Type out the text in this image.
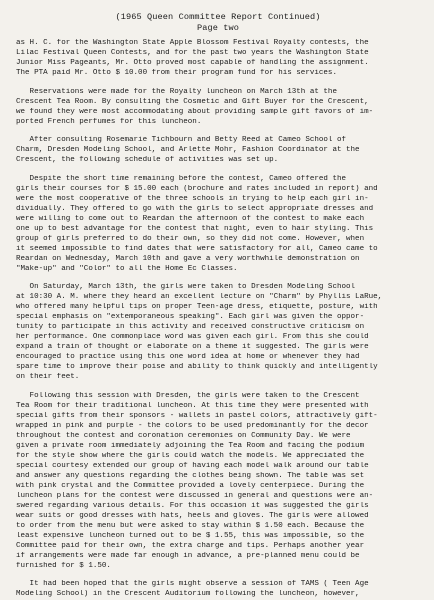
(1965 Queen Committee Report Continued)
Page two
as H. C. for the Washington State Apple Blossom Festival Royalty contests, the
Lilac Festival Queen Contests, and for the past two years the Washington State
Junior Miss Pageants, Mr. Otto proved most capable of handling the assignment.
The PTA paid Mr. Otto $ 10.00 from their program fund for his services.
Reservations were made for the Royalty luncheon on March 13th at the
Crescent Tea Room. By consulting the Cosmetic and Gift Buyer for the Crescent,
we found they were most accommodating about providing sample gift favors of im-
ported French perfumes for this luncheon.
After consulting Rosemarie Tichbourn and Betty Reed at Cameo School of
Charm, Dresden Modeling School, and Arlette Mohr, Fashion Coordinator at the
Crescent, the following schedule of activities was set up.
Despite the short time remaining before the contest, Cameo offered the
girls their courses for $ 15.00 each (brochure and rates included in report) and
were the most cooperative of the three schools in trying to help each girl in-
dividually. They offered to go with the girls to select appropriate dresses and
were willing to come out to Reardan the afternoon of the contest to make each
one up to best advantage for the contest that night, even to hair styling. This
group of girls preferred to do their own, so they did not come. However, when
it seemed impossible to find dates that were satisfactory for all, Cameo came to
Reardan on Wednesday, March 10th and gave a very worthwhile demonstration on
"Make-up" and "Color" to all the Home Ec Classes.
On Saturday, March 13th, the girls were taken to Dresden Modeling School
at 10:30 A. M. where they heard an excellent lecture on "Charm" by Phyllis LaRue,
who offered many helpful tips on proper Teen-age dress, etiquette, posture, with
special emphasis on "extemporaneous speaking". Each girl was given the oppor-
tunity to participate in this activity and received constructive criticism on
her performance. One commonplace word was given each girl. From this she could
expand a train of thought or elaborate on a theme it suggested. The girls were
encouraged to practice using this one word idea at home or whenever they had
spare time to improve their poise and ability to think quickly and intelligently
on their feet.
Following this session with Dresden, the girls were taken to the Crescent
Tea Room for their traditional luncheon. At this time they were presented with
special gifts from their sponsors - wallets in pastel colors, attractively gift-
wrapped in pink and purple - the colors to be used predominantly for the decor
throughout the contest and coronation ceremonies on Community Day. We were
given a private room immediately adjoining the Tea Room and facing the podium
for the style show where the girls could watch the models. We appreciated the
special courtesy extended our group of having each model walk around our table
and answer any questions regarding the clothes being shown. The table was set
with pink crystal and the Committee provided a lovely centerpiece. During the
luncheon plans for the contest were discussed in general and questions were an-
swered regarding various details. For this occasion it was suggested the girls
wear suits or good dresses with hats, heels and gloves. The girls were allowed
to order from the menu but were asked to stay within $ 1.50 each. Because the
least expensive luncheon turned out to be $ 1.55, this was impossible, so the
Committee paid for their own, the extra charge and tips. Perhaps another year
if arrangements were made far enough in advance, a pre-planned menu could be
furnished for $ 1.50.
It had been hoped that the girls might observe a session of TAMS ( Teen Age
Modeling School) in the Crescent Auditorium following the luncheon, however,
